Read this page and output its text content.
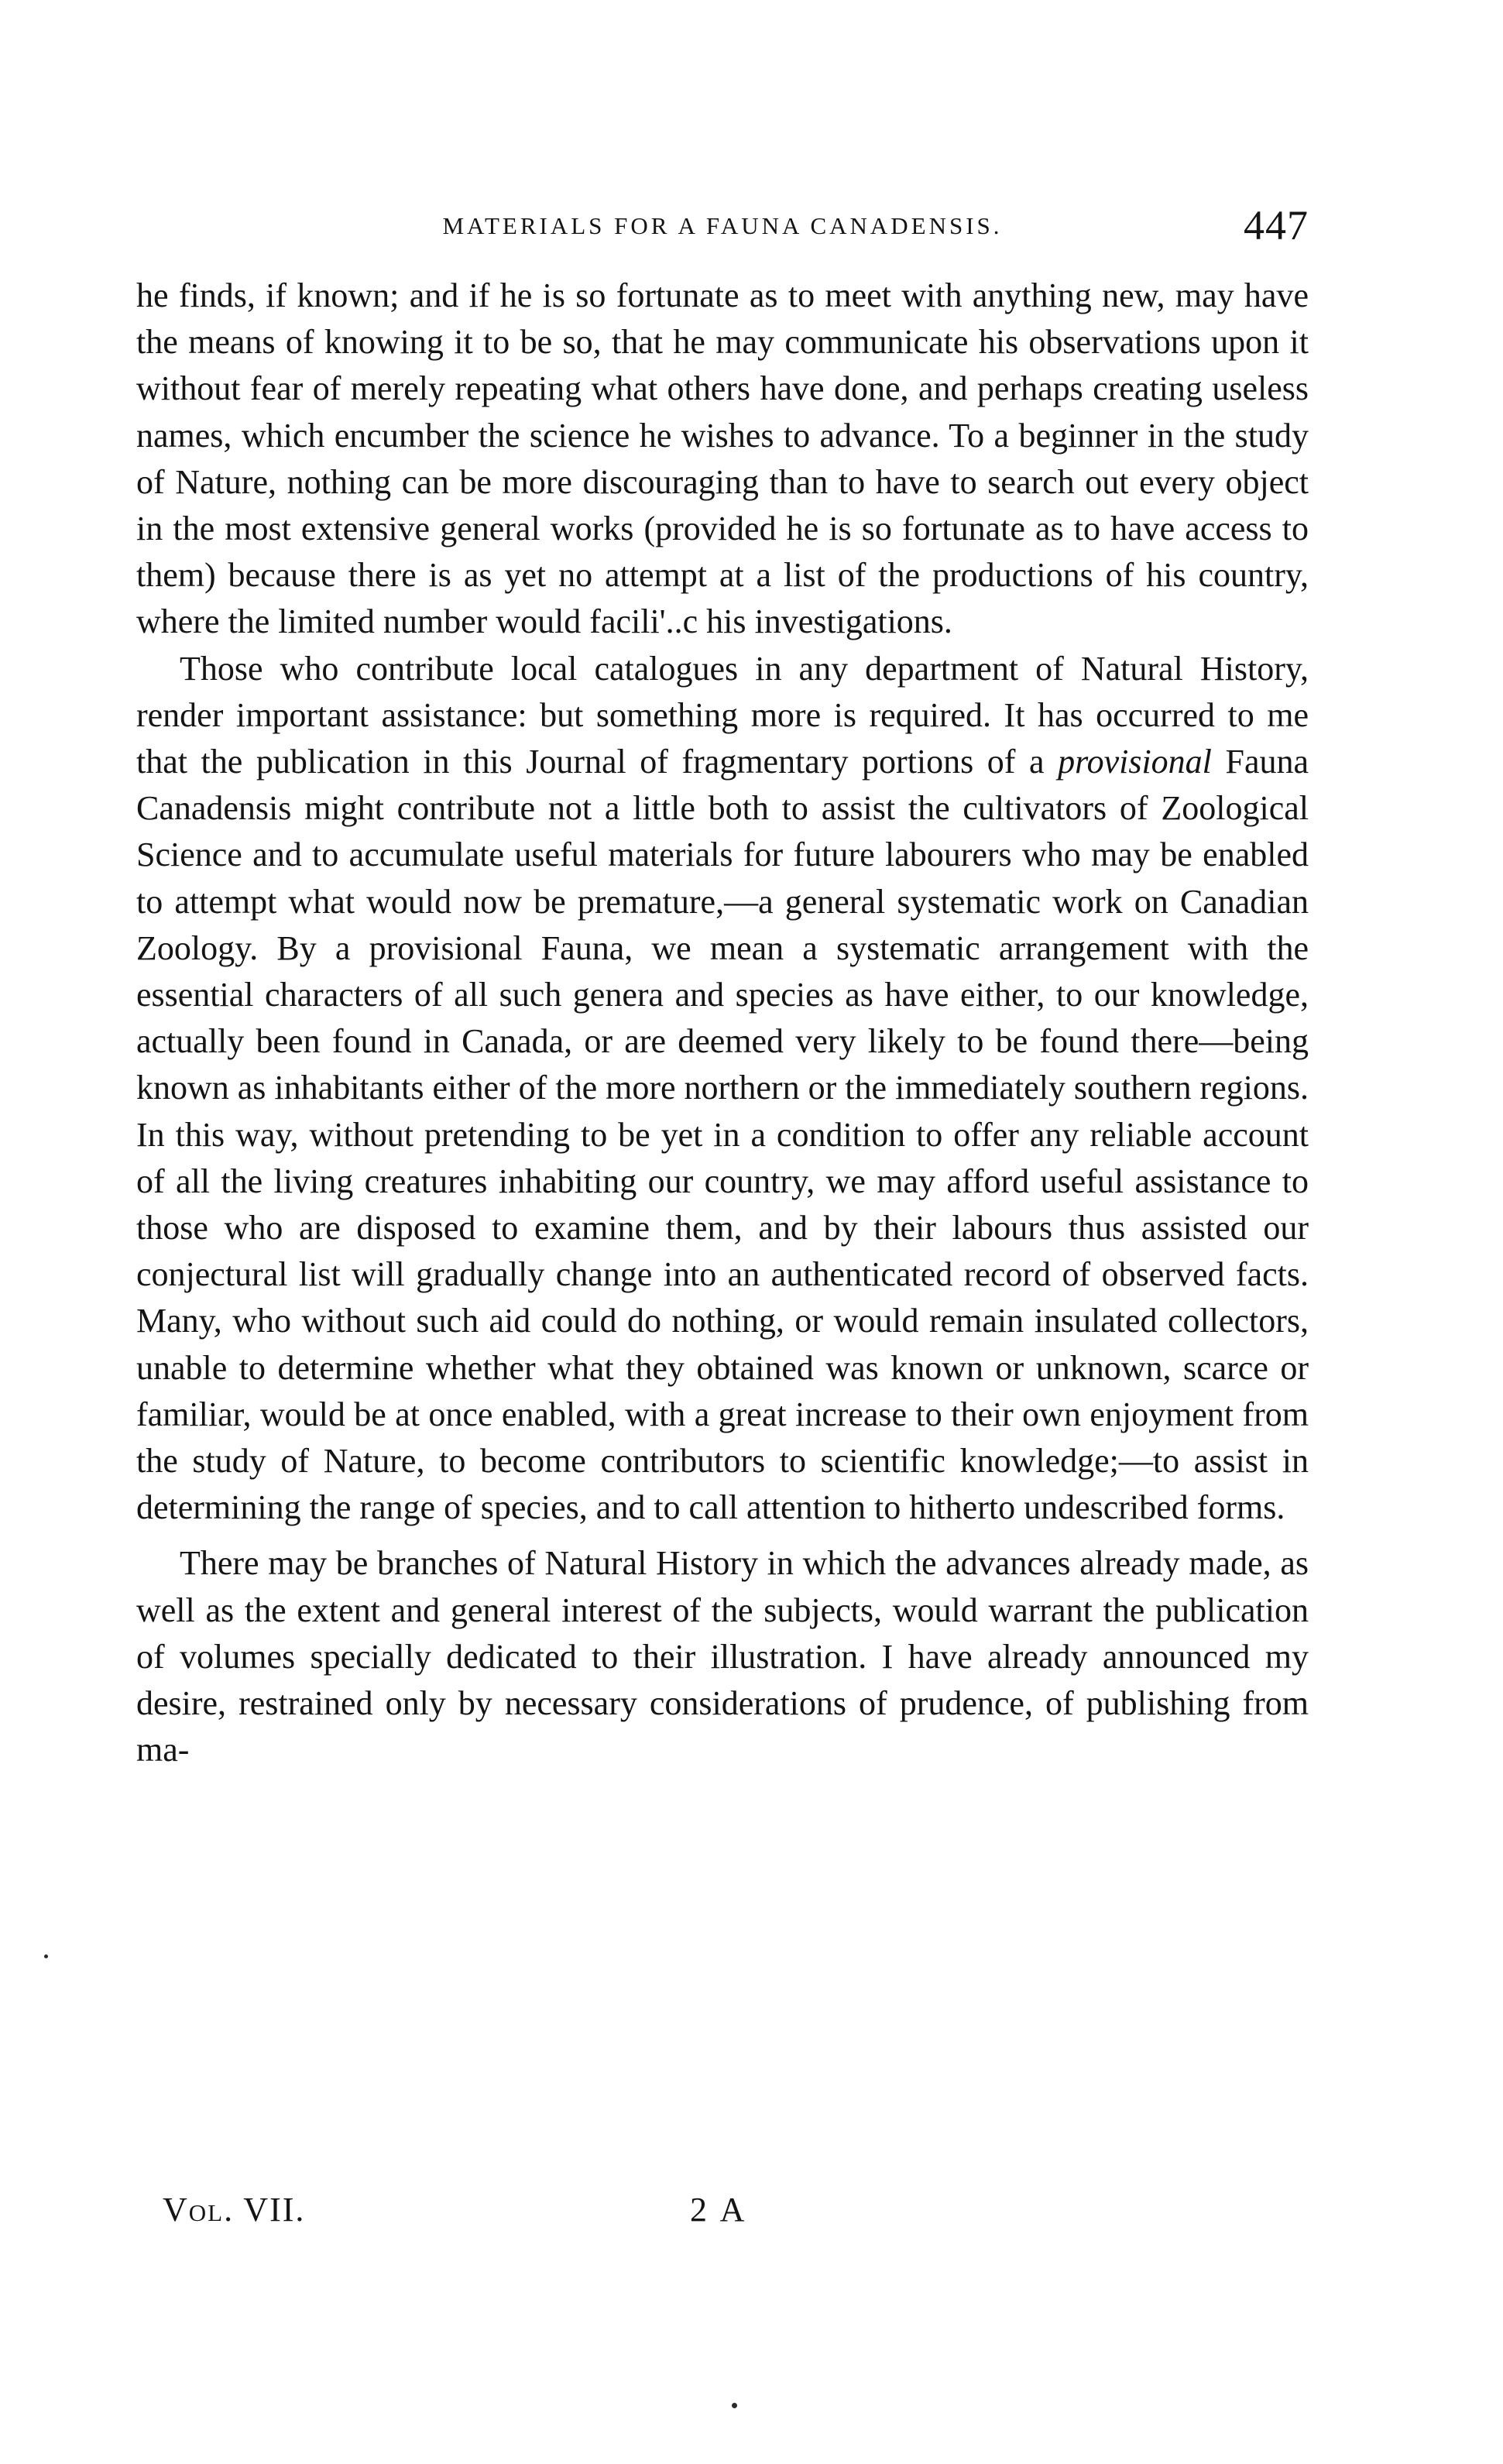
MATERIALS FOR A FAUNA CANADENSIS.	447

he finds, if known; and if he is so fortunate as to meet with anything new, may have the means of knowing it to be so, that he may communicate his observations upon it without fear of merely repeating what others have done, and perhaps creating useless names, which encumber the science he wishes to advance. To a beginner in the study of Nature, nothing can be more discouraging than to have to search out every object in the most extensive general works (provided he is so fortunate as to have access to them) because there is as yet no attempt at a list of the productions of his country, where the limited number would facili'..c his investigations.

Those who contribute local catalogues in any department of Natural History, render important assistance: but something more is required. It has occurred to me that the publication in this Journal of fragmentary portions of a provisional Fauna Canadensis might contribute not a little both to assist the cultivators of Zoological Science and to accumulate useful materials for future labourers who may be enabled to attempt what would now be premature,—a general systematic work on Canadian Zoology. By a provisional Fauna, we mean a systematic arrangement with the essential characters of all such genera and species as have either, to our knowledge, actually been found in Canada, or are deemed very likely to be found there—being known as inhabitants either of the more northern or the immediately southern regions. In this way, without pretending to be yet in a condition to offer any reliable account of all the living creatures inhabiting our country, we may afford useful assistance to those who are disposed to examine them, and by their labours thus assisted our conjectural list will gradually change into an authenticated record of observed facts. Many, who without such aid could do nothing, or would remain insulated collectors, unable to determine whether what they obtained was known or unknown, scarce or familiar, would be at once enabled, with a great increase to their own enjoyment from the study of Nature, to become contributors to scientific knowledge;—to assist in determining the range of species, and to call attention to hitherto undescribed forms.

There may be branches of Natural History in which the advances already made, as well as the extent and general interest of the subjects, would warrant the publication of volumes specially dedicated to their illustration. I have already announced my desire, restrained only by necessary considerations of prudence, of publishing from ma-

Vol. VII.	2 A
